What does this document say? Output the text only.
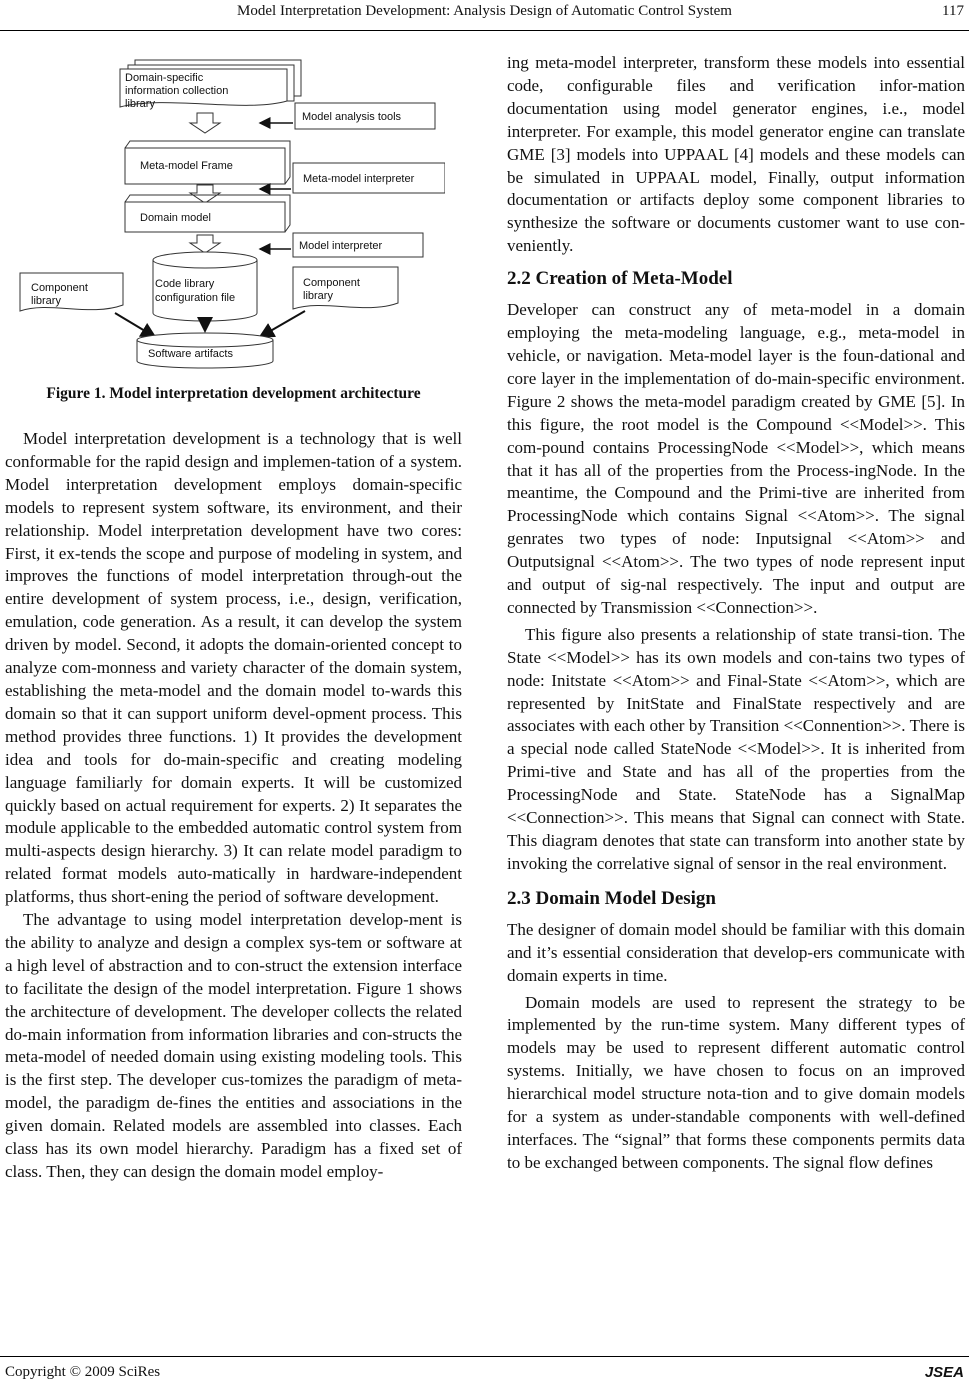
Model Interpretation Development: Analysis Design of Automatic Control System	117
Domain-specific
information collection
library
Model analysis tools
Meta-model Frame
Meta-model interpreter
Domain model
Model interpreter
Code library
configuration file
Component
library
Component
library
Software artifacts
Figure 1. Model interpretation development architecture

Model interpretation development is a technology that is well conformable for the rapid design and implemen-tation of a system. Model interpretation development employs domain-specific models to represent system software, its environment, and their relationship. Model interpretation development have two cores: First, it ex-tends the scope and purpose of modeling in system, and improves the functions of model interpretation through-out the entire development of system process, i.e., design, verification, emulation, code generation. As a result, it can develop the system driven by model. Second, it adopts the domain-oriented concept to analyze com-monness and variety character of the domain system, establishing the meta-model and the domain model to-wards this domain so that it can support uniform devel-opment process. This method provides three functions. 1) It provides the development idea and tools for do-main-specific and creating modeling language familiarly for domain experts. It will be customized quickly based on actual requirement for experts. 2) It separates the module applicable to the embedded automatic control system from multi-aspects design hierarchy. 3) It can relate model paradigm to related format models auto-matically in hardware-independent platforms, thus short-ening the period of software development.

The advantage to using model interpretation develop-ment is the ability to analyze and design a complex sys-tem or software at a high level of abstraction and to con-struct the extension interface to facilitate the design of the model interpretation. Figure 1 shows the architecture of development. The developer collects the related do-main information from information libraries and con-structs the meta-model of needed domain using existing modeling tools. This is the first step. The developer cus-tomizes the paradigm of meta-model, the paradigm de-fines the entities and associations in the given domain. Related models are assembled into classes. Each class has its own model hierarchy. Paradigm has a fixed set of class. Then, they can design the domain model employ-

ing meta-model interpreter, transform these models into essential code, configurable files and verification infor-mation documentation using model generator engines, i.e., model interpreter. For example, this model generator engine can translate GME [3] models into UPPAAL [4] models and these models can be simulated in UPPAAL model, Finally, output information documentation or artifacts deploy some component libraries to synthesize the software or documents customer want to use con-veniently.

2.2 Creation of Meta-Model

Developer can construct any of meta-model in a domain employing the meta-modeling language, e.g., meta-model in vehicle, or navigation. Meta-model layer is the foun-dational and core layer in the implementation of do-main-specific environment. Figure 2 shows the meta-model paradigm created by GME [5]. In this figure, the root model is the Compound <<Model>>. This com-pound contains ProcessingNode <<Model>>, which means that it has all of the properties from the Process-ingNode. In the meantime, the Compound and the Primi-tive are inherited from ProcessingNode which contains Signal <<Atom>>. The signal genrates two types of node: Inputsignal <<Atom>> and Outputsignal <<Atom>>. The two types of node represent input and output of sig-nal respectively. The input and output are connected by Transmission <<Connection>>.

This figure also presents a relationship of state transi-tion. The State <<Model>> has its own models and con-tains two types of node: Initstate <<Atom>> and Final-State <<Atom>>, which are represented by InitState and FinalState respectively and are associates with each other by Transition <<Connention>>. There is a special node called StateNode <<Model>>. It is inherited from Primi-tive and State and has all of the properties from the ProcessingNode and State. StateNode has a SignalMap <<Connection>>. This means that Signal can connect with State. This diagram denotes that state can transform into another state by invoking the correlative signal of sensor in the real environment.

2.3 Domain Model Design

The designer of domain model should be familiar with this domain and it’s essential consideration that develop-ers communicate with domain experts in time.

Domain models are used to represent the strategy to be implemented by the run-time system. Many different types of models may be used to represent different automatic control systems. Initially, we have chosen to focus on an improved hierarchical model structure nota-tion and to give domain models for a system as under-standable components with well-defined interfaces. The “signal” that forms these components permits data to be exchanged between components. The signal flow defines

Copyright © 2009 SciRes	JSEA
